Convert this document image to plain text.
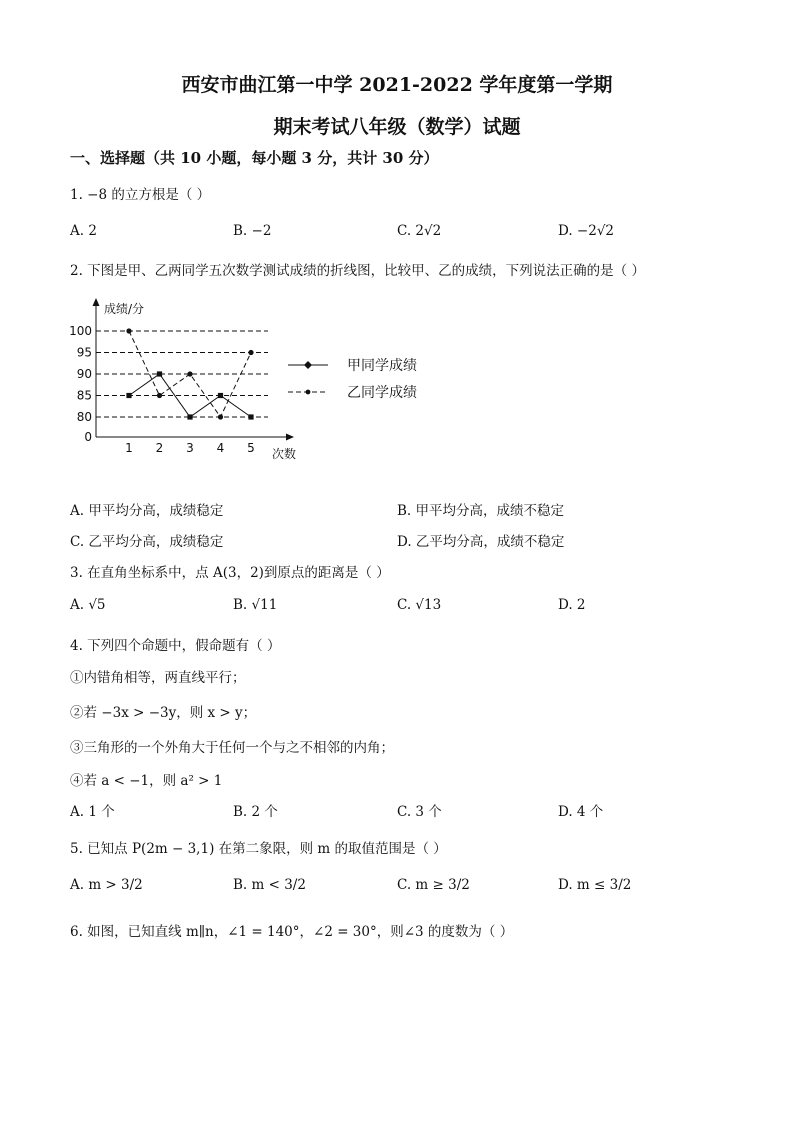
西安市曲江第一中学 2021-2022 学年度第一学期
期末考试八年级（数学）试题
一、选择题（共 10 小题，每小题 3 分，共计 30 分）
1. −8 的立方根是（ ）
A. 2	B. −2	C. 2√2	D. −2√2
2. 下图是甲、乙两同学五次数学测试成绩的折线图，比较甲、乙的成绩，下列说法正确的是（ ）
成绩/分
次数
0
80
85
90
95
100
1 2 3 4 5
甲同学成绩
乙同学成绩
A. 甲平均分高，成绩稳定	B. 甲平均分高，成绩不稳定
C. 乙平均分高，成绩稳定	D. 乙平均分高，成绩不稳定
3. 在直角坐标系中，点 A(3，2)到原点的距离是（ ）
A. √5	B. √11	C. √13	D. 2
4. 下列四个命题中，假命题有（ ）
①内错角相等，两直线平行；
②若 −3x > −3y，则 x > y；
③三角形的一个外角大于任何一个与之不相邻的内角；
④若 a < −1，则 a² > 1
A. 1 个	B. 2 个	C. 3 个	D. 4 个
5. 已知点 P(2m − 3,1) 在第二象限，则 m 的取值范围是（ ）
A. m > 3/2	B. m < 3/2	C. m ≥ 3/2	D. m ≤ 3/2
6. 如图，已知直线 m∥n，∠1 = 140°，∠2 = 30°，则∠3 的度数为（ ）
